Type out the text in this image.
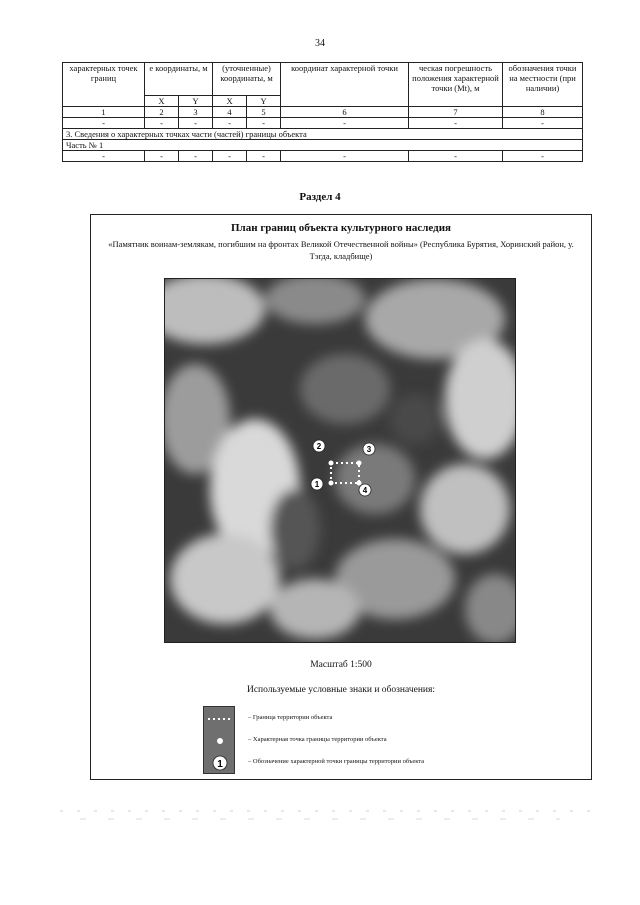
34
характерных точек границ	е координаты, м		(уточненные) координаты, м		координат характерной точки	ческая погрешность положения характерной точки (Mt), м	обозначения точки на местности (при наличии)
	X	Y	X	Y			
1	2	3	4	5	6	7	8
-	-	-	-	-	-	-	-
3. Сведения о характерных точках части (частей) границы объекта							
Часть № 1							
-	-	-	-	-	-	-	-
Раздел 4
План границ объекта культурного наследия
«Памятник воинам-землякам, погибшим на фронтах Великой Отечественной войны» (Республика Бурятия, Хоринский район, у. Тэгда, кладбище)
1
2	3
4
Масштаб 1:500
Используемые условные знаки и обозначения:
1
– Граница территории объекта
– Характерная точка границы территории объекта
– Обозначение характерной точки границы территории объекта
